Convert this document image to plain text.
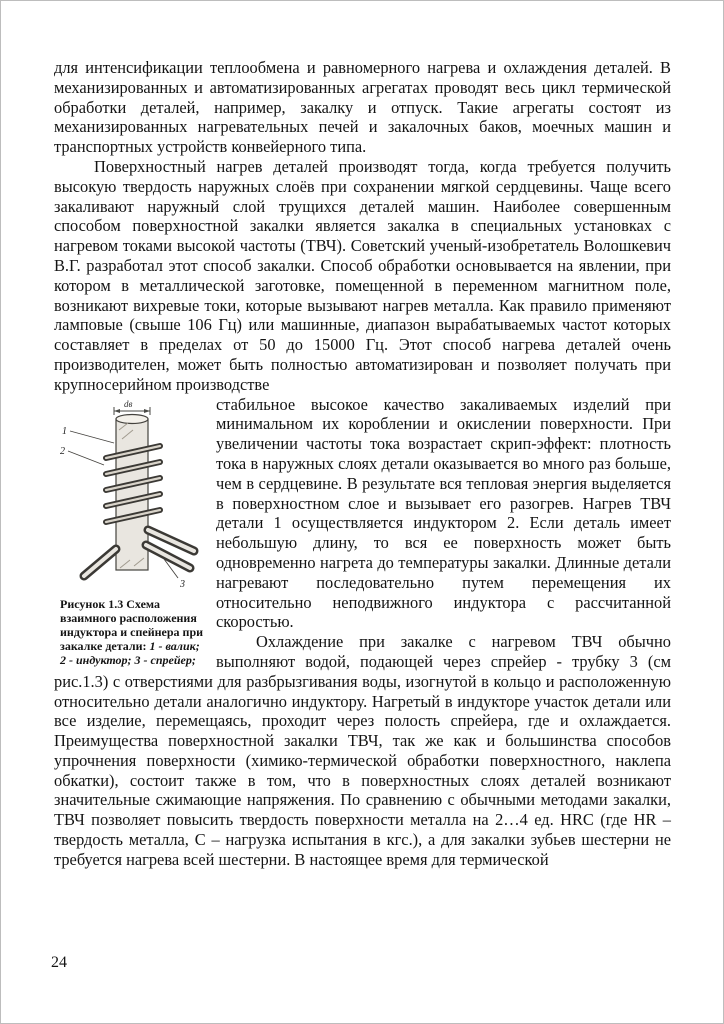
для интенсификации теплообмена и равномерного нагрева и охлаждения деталей. В механизированных и автоматизированных агрегатах проводят весь цикл термической обработки деталей, например, закалку и отпуск. Такие агрегаты состоят из механизированных нагревательных печей и закалочных баков, моечных машин и транспортных устройств конвейерного типа.

Поверхностный нагрев деталей производят тогда, когда требуется получить высокую твердость наружных слоёв при сохранении мягкой сердцевины. Чаще всего закаливают наружный слой трущихся деталей машин. Наиболее совершенным способом поверхностной закалки является закалка в специальных установках с нагревом токами высокой частоты (ТВЧ). Советский ученый-изобретатель Волошкевич В.Г. разработал этот способ закалки. Способ обработки основывается на явлении, при котором в металлической заготовке, помещенной в переменном магнитном поле, возникают вихревые токи, которые вызывают нагрев металла. Как правило применяют ламповые (свыше 106 Гц) или машинные, диапазон вырабатываемых частот которых составляет в пределах от 50 до 15000 Гц. Этот способ нагрева деталей очень производителен, может быть полностью автоматизирован и позволяет получать при крупносерийном производстве

dв
1
2
3
Рисунок 1.3 Схема взаимного расположения индуктора и спейнера при закалке детали: 1 - валик; 2 - индуктор; 3 - спрейер;

стабильное высокое качество закаливаемых изделий при минимальном их короблении и окислении поверхности. При увеличении частоты тока возрастает скрип-эффект: плотность тока в наружных слоях детали оказывается во много раз больше, чем в сердцевине. В результате вся тепловая энергия выделяется в поверхностном слое и вызывает его разогрев. Нагрев ТВЧ детали 1 осуществляется индуктором 2. Если деталь имеет небольшую длину, то вся ее поверхность может быть одновременно нагрета до температуры закалки. Длинные детали нагревают последовательно путем перемещения их относительно неподвижного индуктора с рассчитанной скоростью.

Охлаждение при закалке с нагревом ТВЧ обычно выполняют водой, подающей через спрейер - трубку 3 (см рис.1.3) с отверстиями для разбрызгивания воды, изогнутой в кольцо и расположенную относительно детали аналогично индуктору. Нагретый в индукторе участок детали или все изделие, перемещаясь, проходит через полость спрейера, где и охлаждается. Преимущества поверхностной закалки ТВЧ, так же как и большинства способов упрочнения поверхности (химико-термической обработки поверхностного, наклепа обкатки), состоит также в том, что в поверхностных слоях деталей возникают значительные сжимающие напряжения. По сравнению с обычными методами закалки, ТВЧ позволяет повысить твердость поверхности металла на 2…4 ед. HRC (где HR – твердость металла, С – нагрузка испытания в кгс.), а для закалки зубьев шестерни не требуется нагрева всей шестерни. В настоящее время для термической

24
